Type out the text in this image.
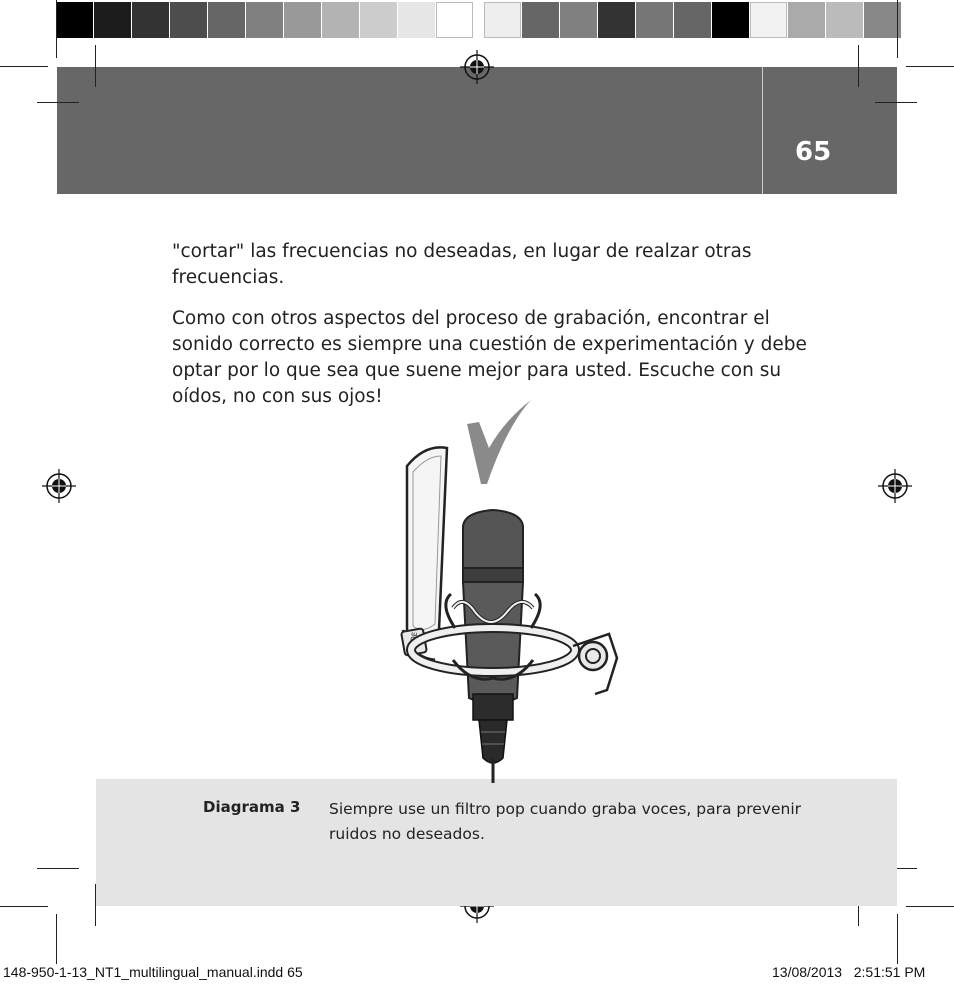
65

"cortar" las frecuencias no deseadas, en lugar de realzar otras frecuencias.

Como con otros aspectos del proceso de grabación, encontrar el sonido correcto es siempre una cuestión de experimentación y debe optar por lo que sea que suene mejor para usted. Escuche con su oídos, no con sus ojos!

RØDE
Diagrama 3 Siempre use un filtro pop cuando graba voces, para prevenir ruidos no deseados.

148-950-1-13_NT1_multilingual_manual.indd 65	13/08/2013   2:51:51 PM
